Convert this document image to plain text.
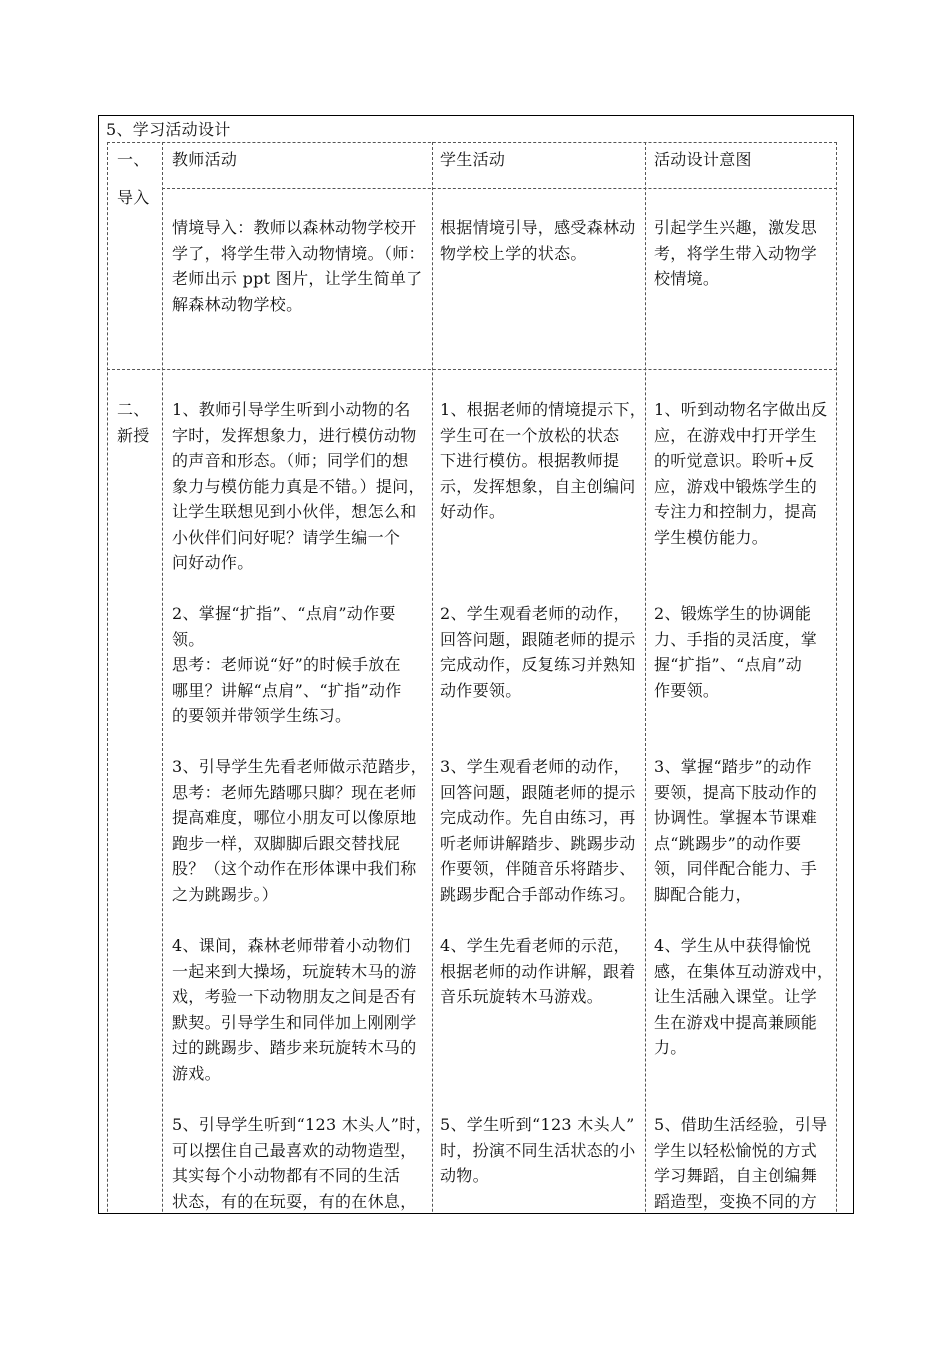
5、学习活动设计
一、 教师活动	学生活动	活动设计意图
导入
情境导入：教师以森林动物学校开
学了，将学生带入动物情境。（师：
老师出示 ppt 图片，让学生简单了
解森林动物学校。
根据情境引导，感受森林动
物学校上学的状态。
引起学生兴趣，激发思
考，将学生带入动物学
校情境。
二、
新授
1、教师引导学生听到小动物的名
字时，发挥想象力，进行模仿动物
的声音和形态。（师；同学们的想
象力与模仿能力真是不错。）提问，
让学生联想见到小伙伴，想怎么和
小伙伴们问好呢？请学生编一个
问好动作。
1、根据老师的情境提示下，
学生可在一个放松的状态
下进行模仿。根据教师提
示，发挥想象，自主创编问
好动作。
1、听到动物名字做出反
应，在游戏中打开学生
的听觉意识。聆听+反
应，游戏中锻炼学生的
专注力和控制力，提高
学生模仿能力。
2、掌握“扩指”、“点肩”动作要
领。
思考：老师说“好”的时候手放在
哪里？讲解“点肩”、“扩指”动作
的要领并带领学生练习。
2、学生观看老师的动作，
回答问题，跟随老师的提示
完成动作，反复练习并熟知
动作要领。
2、锻炼学生的协调能
力、手指的灵活度，掌
握“扩指”、“点肩”动
作要领。
3、引导学生先看老师做示范踏步，
思考：老师先踏哪只脚？现在老师
提高难度，哪位小朋友可以像原地
跑步一样，双脚脚后跟交替找屁
股？（这个动作在形体课中我们称
之为跳踢步。）
3、学生观看老师的动作，
回答问题，跟随老师的提示
完成动作。先自由练习，再
听老师讲解踏步、跳踢步动
作要领，伴随音乐将踏步、
跳踢步配合手部动作练习。
3、掌握“踏步”的动作
要领，提高下肢动作的
协调性。掌握本节课难
点“跳踢步”的动作要
领，同伴配合能力、手
脚配合能力，
4、课间，森林老师带着小动物们
一起来到大操场，玩旋转木马的游
戏，考验一下动物朋友之间是否有
默契。引导学生和同伴加上刚刚学
过的跳踢步、踏步来玩旋转木马的
游戏。
4、学生先看老师的示范，
根据老师的动作讲解，跟着
音乐玩旋转木马游戏。
4、学生从中获得愉悦
感，在集体互动游戏中，
让生活融入课堂。让学
生在游戏中提高兼顾能
力。
5、引导学生听到“123 木头人”时，
可以摆住自己最喜欢的动物造型，
其实每个小动物都有不同的生活
状态，有的在玩耍，有的在休息，
5、学生听到“123 木头人”
时，扮演不同生活状态的小
动物。
5、借助生活经验，引导
学生以轻松愉悦的方式
学习舞蹈，自主创编舞
蹈造型，变换不同的方
